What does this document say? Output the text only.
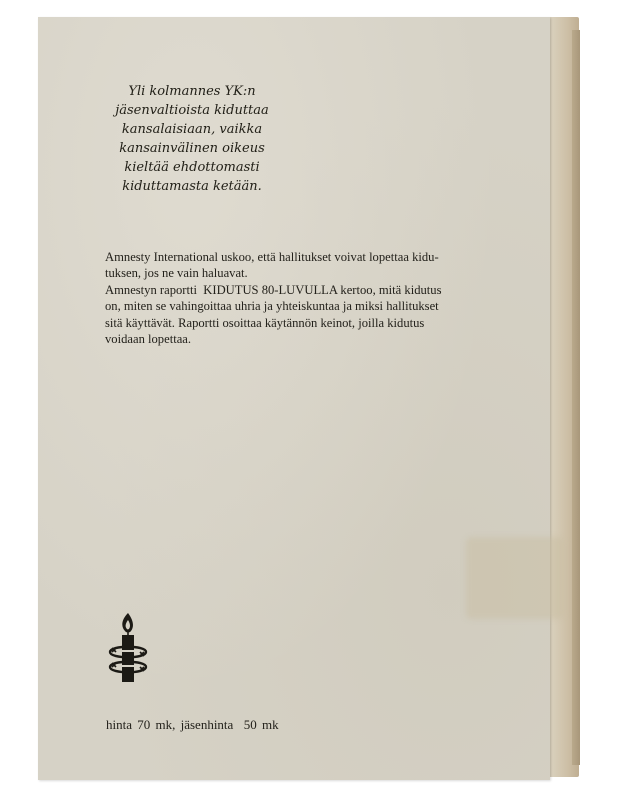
Yli kolmannes YK:n
jäsenvaltioista kiduttaa
kansalaisiaan, vaikka
kansainvälinen oikeus
kieltää ehdottomasti
kiduttamasta ketään.
Amnesty International uskoo, että hallitukset voivat lopettaa kidu-
tuksen, jos ne vain haluavat.
Amnestyn raportti  KIDUTUS 80-LUVULLA kertoo, mitä kidutus
on, miten se vahingoittaa uhria ja yhteiskuntaa ja miksi hallitukset
sitä käyttävät. Raportti osoittaa käytännön keinot, joilla kidutus
voidaan lopettaa.
hinta 70 mk, jäsenhinta  50 mk
